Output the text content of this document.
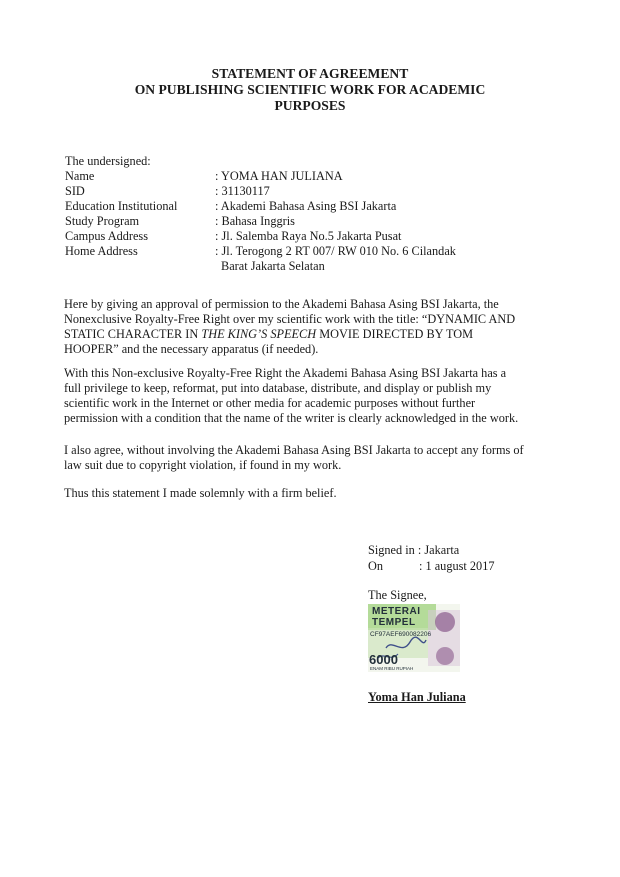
STATEMENT OF AGREEMENT
ON PUBLISHING SCIENTIFIC WORK FOR ACADEMIC
PURPOSES
The undersigned:
Name	: YOMA HAN JULIANA
SID	: 31130117
Education Institutional	: Akademi Bahasa Asing BSI Jakarta
Study Program	: Bahasa Inggris
Campus Address	: Jl. Salemba Raya No.5 Jakarta Pusat
Home Address	: Jl. Terogong 2 RT 007/ RW 010 No. 6 Cilandak
Barat Jakarta Selatan
Here by giving an approval of permission to the Akademi Bahasa Asing BSI Jakarta, the
Nonexclusive Royalty-Free Right over my scientific work with the title: “DYNAMIC AND
STATIC CHARACTER IN THE KING’S SPEECH MOVIE DIRECTED BY TOM
HOOPER” and the necessary apparatus (if needed).
With this Non-exclusive Royalty-Free Right the Akademi Bahasa Asing BSI Jakarta has a
full privilege to keep, reformat, put into database, distribute, and display or publish my
scientific work in the Internet or other media for academic purposes without further
permission with a condition that the name of the writer is clearly acknowledged in the work.
I also agree, without involving the Akademi Bahasa Asing BSI Jakarta to accept any forms of
law suit due to copyright violation, if found in my work.
Thus this statement I made solemnly with a firm belief.
Signed in : Jakarta
On	: 1 august 2017
The Signee,
METERAI
TEMPEL
CF97AEF690082206
6000
ENAM RIBU RUPIAH
Yoma Han Juliana
